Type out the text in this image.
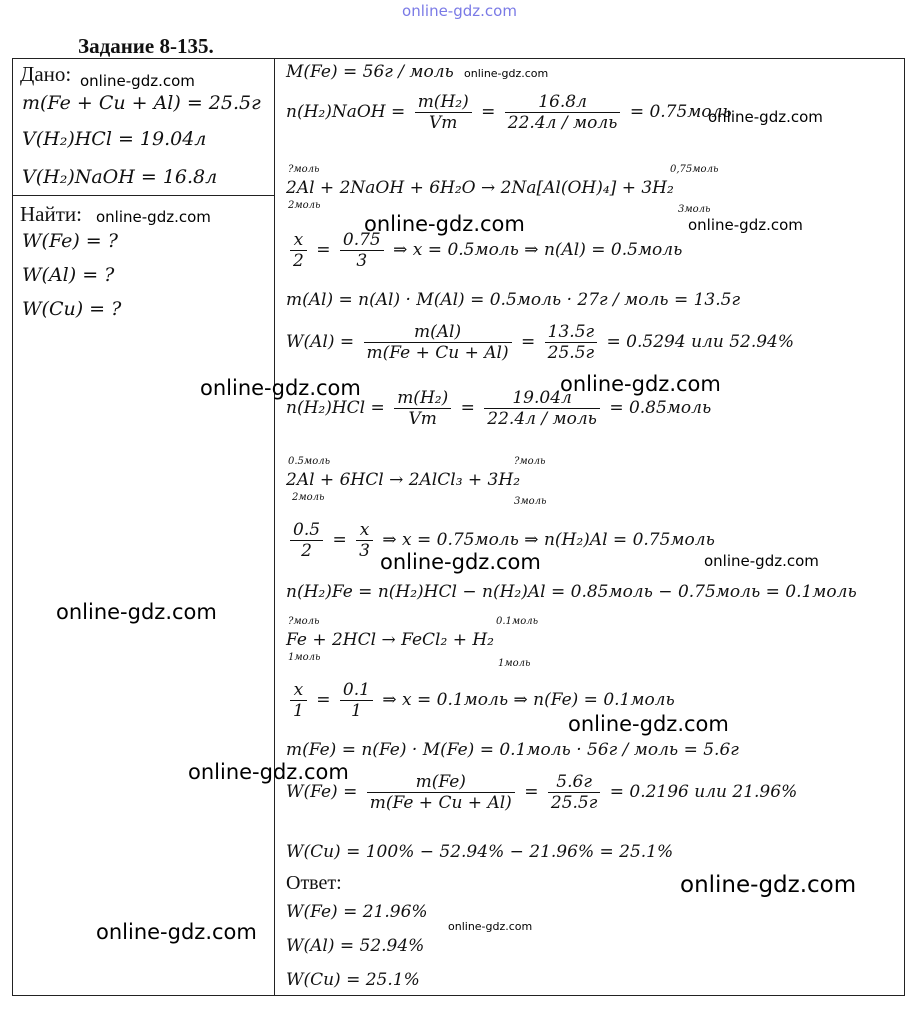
online-gdz.com
Задание 8-135.
Дано:
m(Fe + Cu + Al) = 25.5г
V(H₂)HCl = 19.04л
V(H₂)NaOH = 16.8л
Найти:
W(Fe) = ?
W(Al) = ?
W(Cu) = ?
M(Fe) = 56г / моль
n(H₂)NaOH = $\frac{\text{m(H₂)}}{Vm} = \frac{16.8л}{\text{22.4л / моль}}$ = 0.75моль
?моль
2моль
0,75моль
3моль
2Al + 2NaOH + 6H₂O → 2Na[Al(OH)₄] + 3H₂
$\frac{x}{2} = \frac{0.75}{3}$ ⇒ x = 0.5моль ⇒ n(Al) = 0.5моль
m(Al) = n(Al) · M(Al) = 0.5моль · 27г / моль = 13.5г
$W(Al) = \frac{m(Al)}{m(Fe + Cu + Al)} = \frac{13.5г}{25.5г} = 0.5294$ или 52.94%
$n(H_2)HCl = \frac{\text{m(H₂)}}{Vm} = \frac{19.04л}{\text{22.4л / моль}}$ = 0.85моль
0.5моль
2моль
?моль
3моль
2Al + 6HCl → 2AlCl₃ + 3H₂
$\frac{0.5}{2} = \frac{x}{3}$ ⇒ x = 0.75моль ⇒ n(H₂)Al = 0.75моль
n(H₂)Fe = n(H₂)HCl − n(H₂)Al = 0.85моль − 0.75моль = 0.1моль
?моль
1моль
0.1моль
1моль
Fe + 2HCl → FeCl₂ + H₂
$\frac{x}{1} = \frac{0.1}{1}$ ⇒ x = 0.1моль ⇒ n(Fe) = 0.1моль
m(Fe) = n(Fe) · M(Fe) = 0.1моль · 56г / моль = 5.6г
$W(Fe) = \frac{m(Fe)}{m(Fe + Cu + Al)} = \frac{5.6г}{25.5г} = 0.2196$ или 21.96%
W(Cu) = 100% − 52.94% − 21.96% = 25.1%
Ответ:
W(Fe) = 21.96%
W(Al) = 52.94%
W(Cu) = 25.1%
online-gdz.com	online-gdz.com
online-gdz.com
online-gdz.com	online-gdz.com	online-gdz.com
online-gdz.com	online-gdz.com
online-gdz.com	online-gdz.com
online-gdz.com
online-gdz.com
online-gdz.com
online-gdz.com
online-gdz.com	online-gdz.com
